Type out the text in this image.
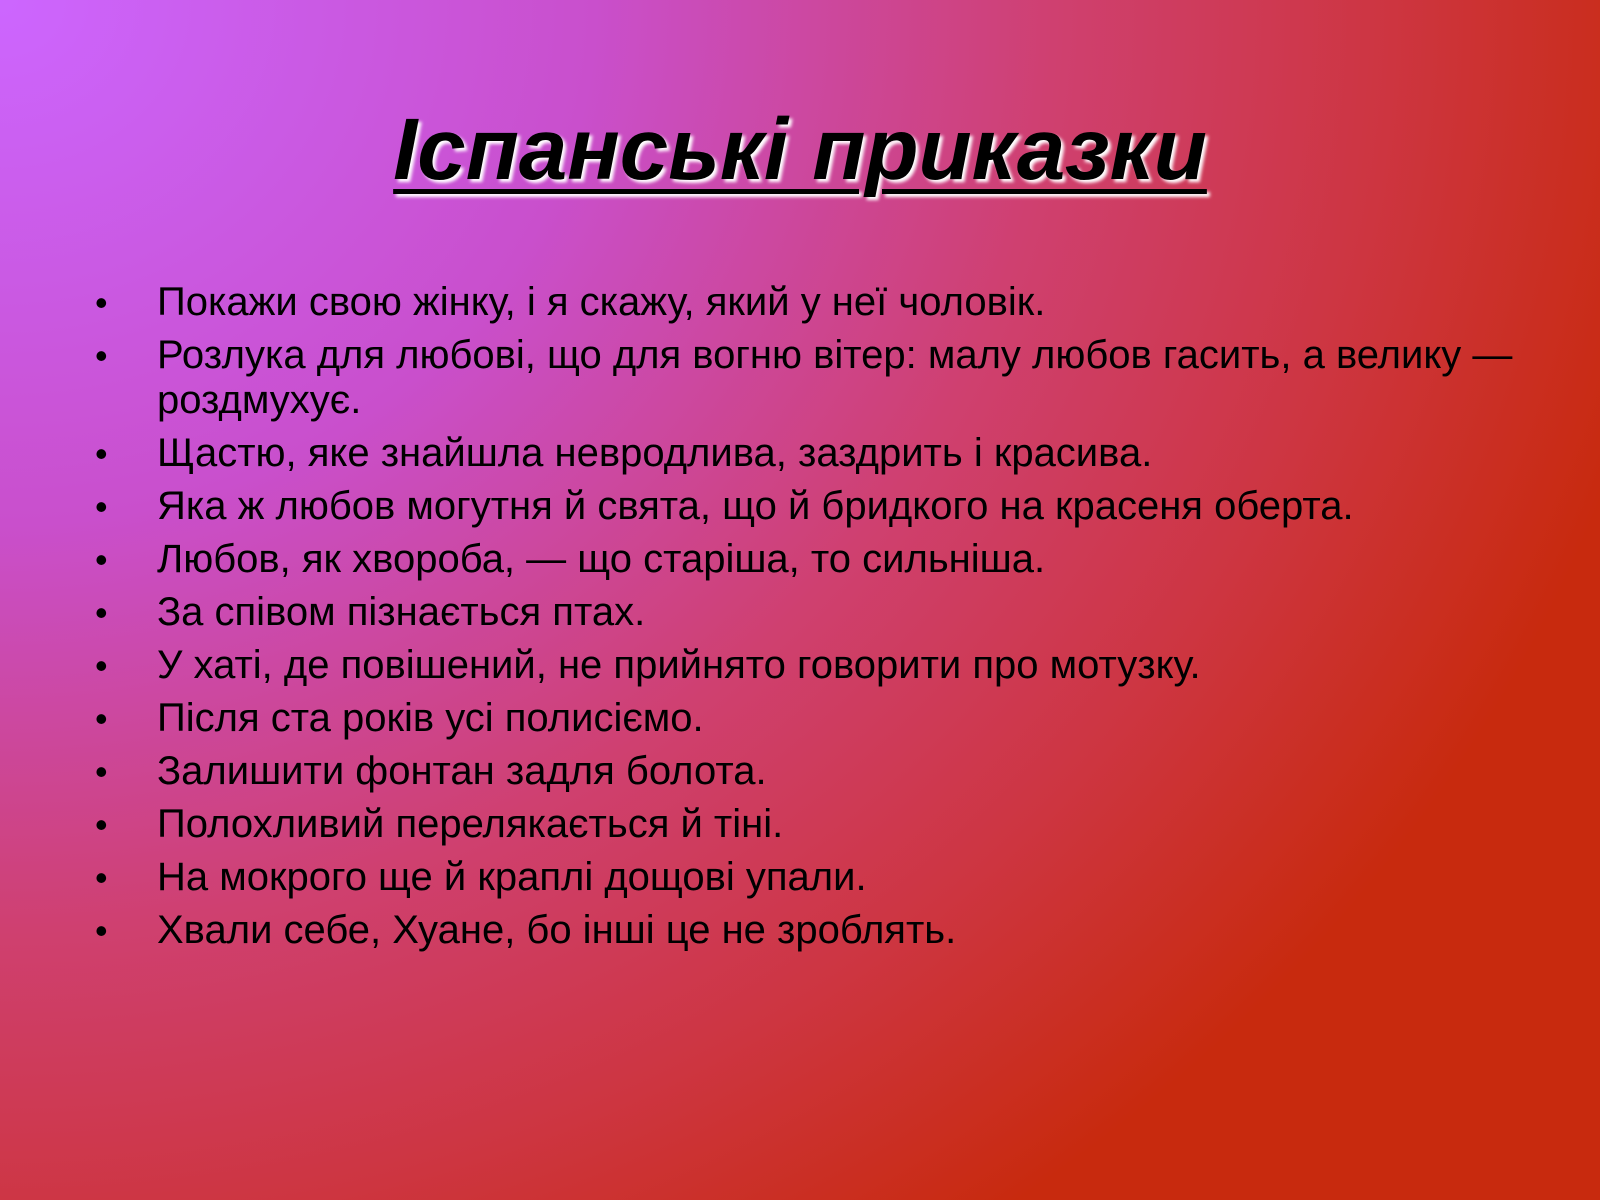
Іспанські приказки
• Покажи свою жінку, і я скажу, який у неї чоловік.
• Розлука для любові, що для вогню вітер: малу любов гасить, а велику — роздмухує.
• Щастю, яке знайшла невродлива, заздрить і красива.
• Яка ж любов могутня й свята, що й бридкого на красеня оберта.
• Любов, як хвороба, — що старіша, то сильніша.
• За співом пізнається птах.
• У хаті, де повішений, не прийнято говорити про мотузку.
• Після ста років усі полисіємо.
• Залишити фонтан задля болота.
• Полохливий перелякається й тіні.
• На мокрого ще й краплі дощові упали.
• Хвали себе, Хуане, бо інші це не зроблять.
